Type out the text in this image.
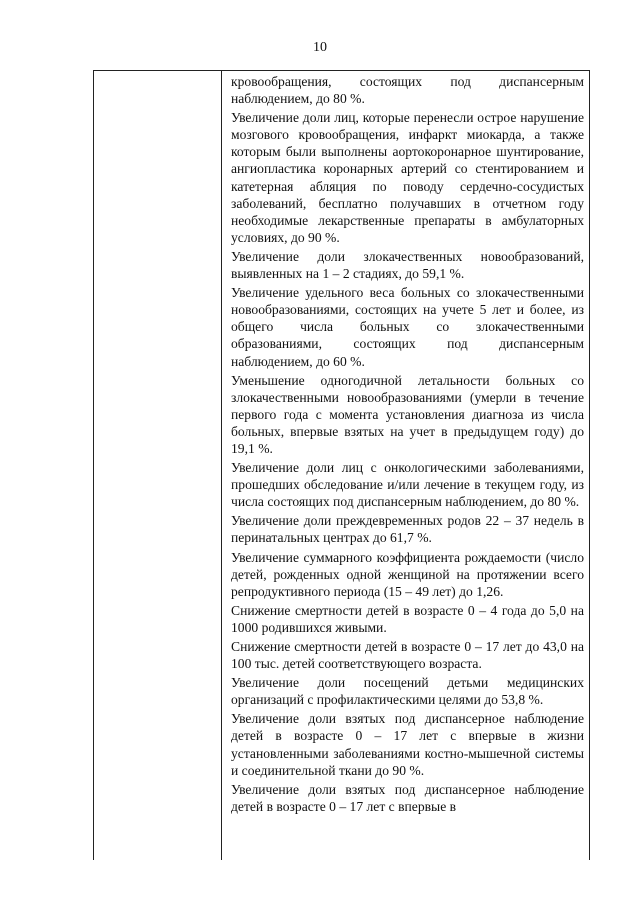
10

кровообращения, состоящих под диспансерным наблюдением, до 80 %.

Увеличение доли лиц, которые перенесли острое нарушение мозгового кровообращения, инфаркт миокарда, а также которым были выполнены аортокоронарное шунтирование, ангиопластика коронарных артерий со стентированием и катетерная абляция по поводу сердечно-сосудистых заболеваний, бесплатно получавших в отчетном году необходимые лекарственные препараты в амбулаторных условиях, до 90 %.

Увеличение доли злокачественных новообразований, выявленных на 1 – 2 стадиях, до 59,1 %.

Увеличение удельного веса больных со злокачественными новообразованиями, состоящих на учете 5 лет и более, из общего числа больных со злокачественными образованиями, состоящих под диспансерным наблюдением, до 60 %.

Уменьшение одногодичной летальности больных со злокачественными новообразованиями (умерли в течение первого года с момента установления диагноза из числа больных, впервые взятых на учет в предыдущем году) до 19,1 %.

Увеличение доли лиц с онкологическими заболеваниями, прошедших обследование и/или лечение в текущем году, из числа состоящих под диспансерным наблюдением, до 80 %.

Увеличение доли преждевременных родов 22 – 37 недель в перинатальных центрах до 61,7 %.

Увеличение суммарного коэффициента рождаемости (число детей, рожденных одной женщиной на протяжении всего репродуктивного периода (15 – 49 лет) до 1,26.

Снижение смертности детей в возрасте 0 – 4 года до 5,0 на 1000 родившихся живыми.

Снижение смертности детей в возрасте 0 – 17 лет до 43,0 на 100 тыс. детей соответствующего возраста.

Увеличение доли посещений детьми медицинских организаций с профилактическими целями до 53,8 %.

Увеличение доли взятых под диспансерное наблюдение детей в возрасте 0 – 17 лет с впервые в жизни установленными заболеваниями костно-мышечной системы и соединительной ткани до 90 %.

Увеличение доли взятых под диспансерное наблюдение детей в возрасте 0 – 17 лет с впервые в
